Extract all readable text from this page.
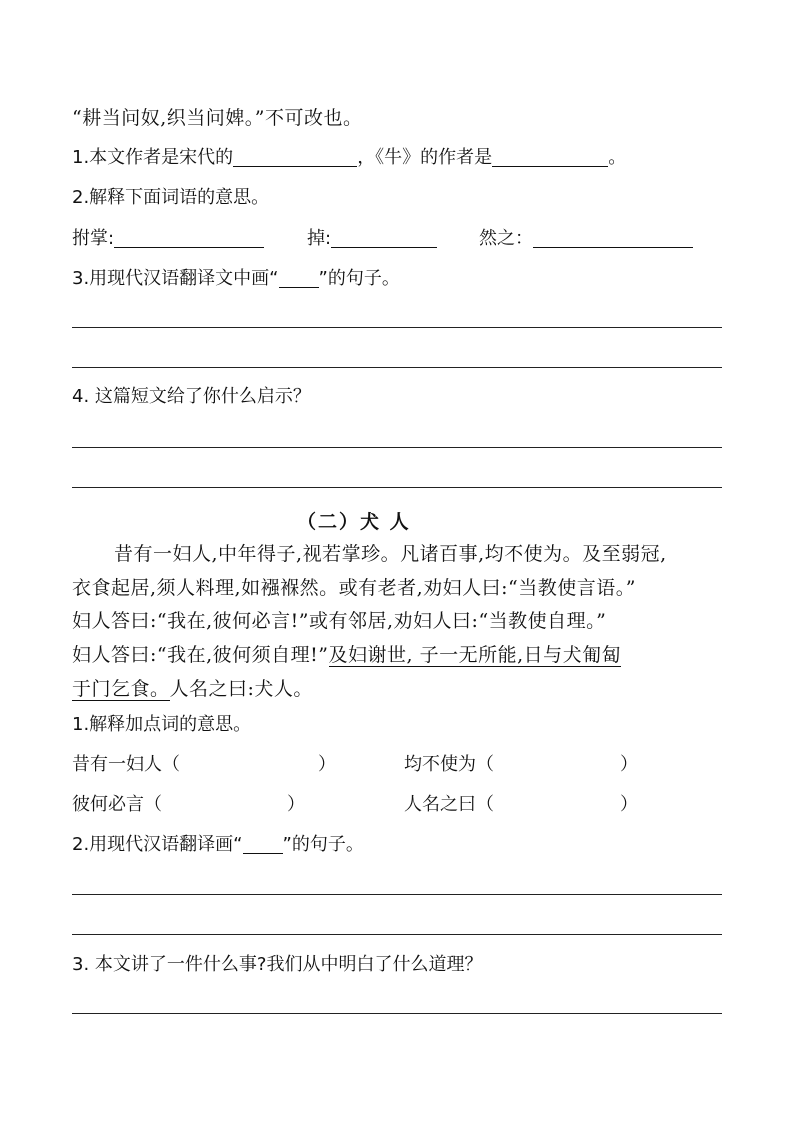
“耕当问奴,织当问婢。”不可改也。
1.本文作者是宋代的	，《牛》的作者是	。
2.解释下面词语的意思。
拊掌:	掉:	然之：
3.用现代汉语翻译文中画“ ”的句子。
4. 这篇短文给了你什么启示？
（二）犬 人
昔有一妇人,中年得子,视若掌珍。凡诸百事,均不使为。及至弱冠,
衣食起居,须人料理,如襁褓然。或有老者,劝妇人曰:“当教使言语。”
妇人答曰:“我在,彼何必言!”或有邻居,劝妇人曰:“当教使自理。”
妇人答曰:“我在,彼何须自理!”及妇谢世, 子一无所能,日与犬匍匐
于门乞食。人名之曰:犬人。
1.解释加点词的意思。
昔有一妇人（	）	均不使为（	）
彼何必言（	）	人名之曰（	）
2.用现代汉语翻译画“ ”的句子。
3. 本文讲了一件什么事?我们从中明白了什么道理？
